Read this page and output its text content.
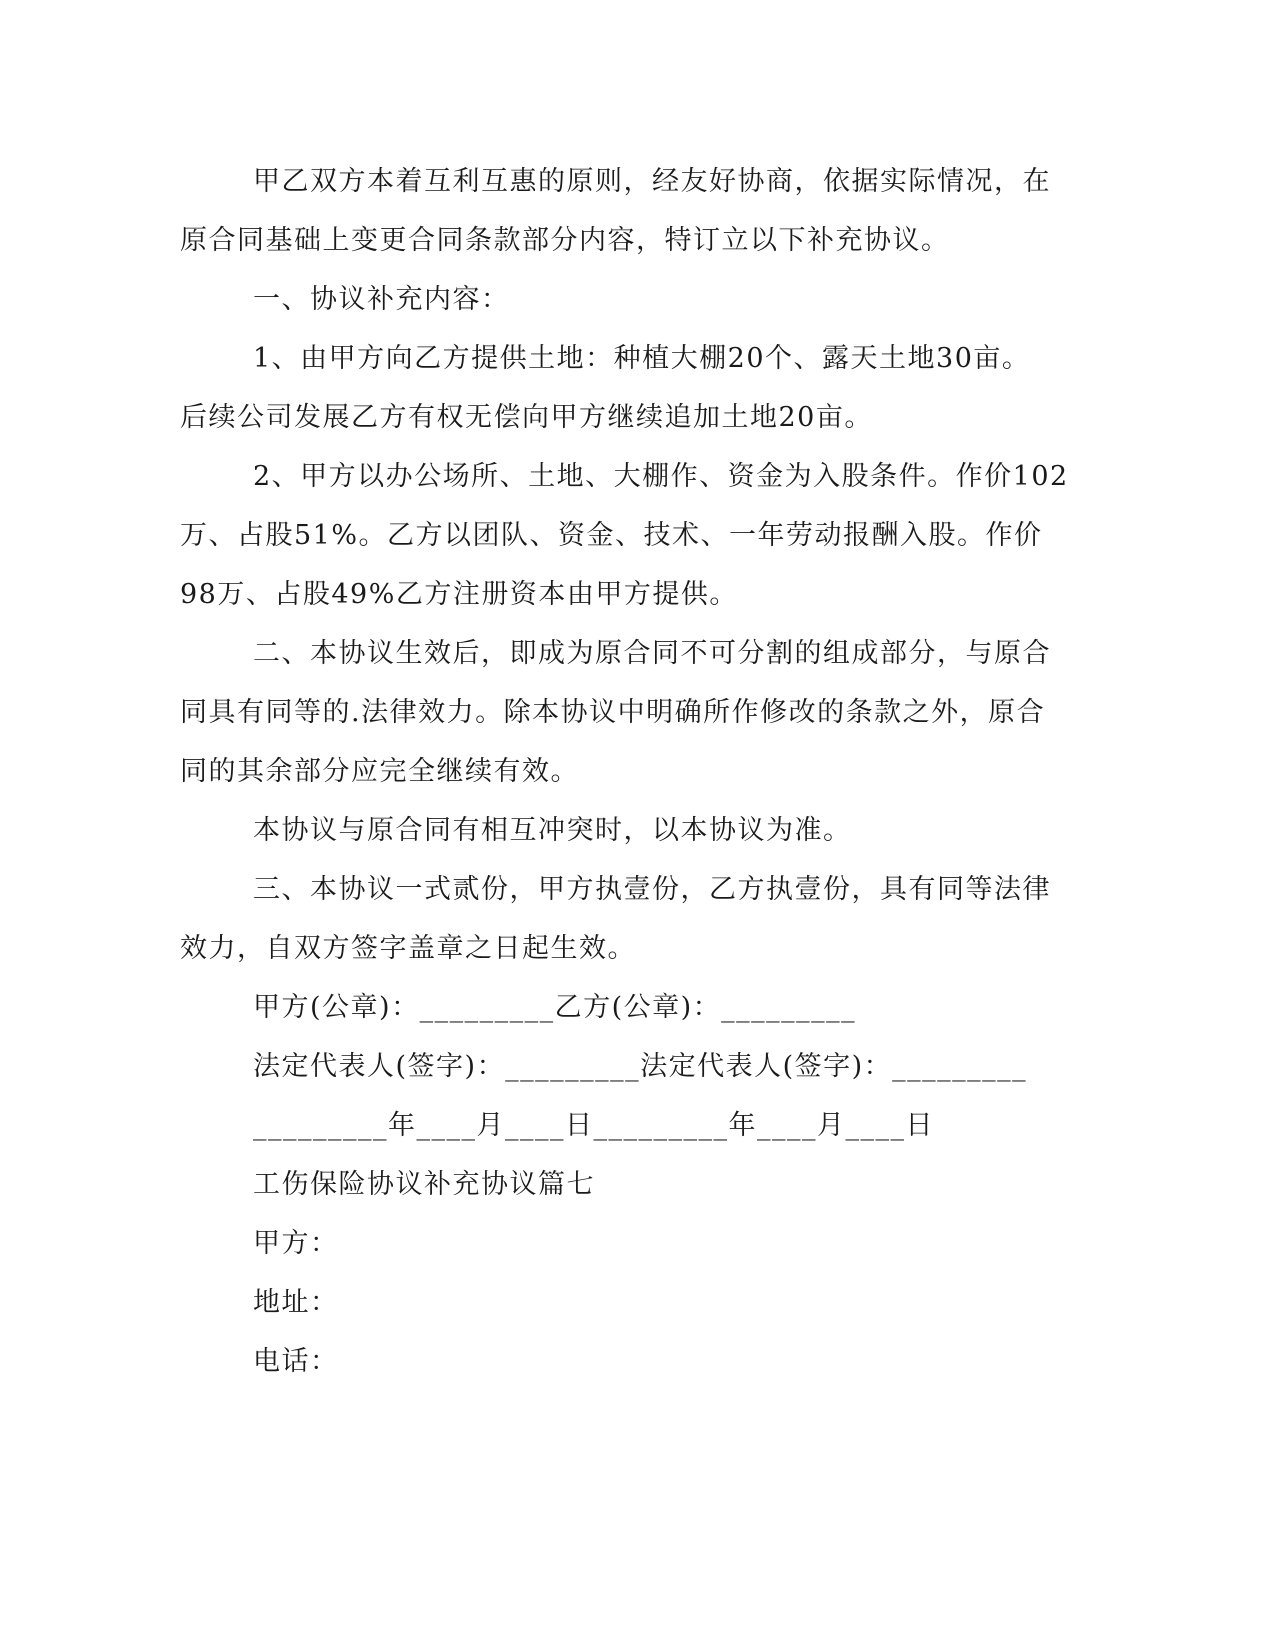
甲乙双方本着互利互惠的原则，经友好协商，依据实际情况，在
原合同基础上变更合同条款部分内容，特订立以下补充协议。
一、协议补充内容：
1、由甲方向乙方提供土地：种植大棚20个、露天土地30亩。
后续公司发展乙方有权无偿向甲方继续追加土地20亩。
2、甲方以办公场所、土地、大棚作、资金为入股条件。作价102
万、占股51%。乙方以团队、资金、技术、一年劳动报酬入股。作价
98万、占股49%乙方注册资本由甲方提供。
二、本协议生效后，即成为原合同不可分割的组成部分，与原合
同具有同等的.法律效力。除本协议中明确所作修改的条款之外，原合
同的其余部分应完全继续有效。
本协议与原合同有相互冲突时，以本协议为准。
三、本协议一式贰份，甲方执壹份，乙方执壹份，具有同等法律
效力，自双方签字盖章之日起生效。
甲方(公章)：_________乙方(公章)：_________
法定代表人(签字)：_________法定代表人(签字)：_________
_________年____月____日_________年____月____日
工伤保险协议补充协议篇七
甲方：
地址：
电话：
